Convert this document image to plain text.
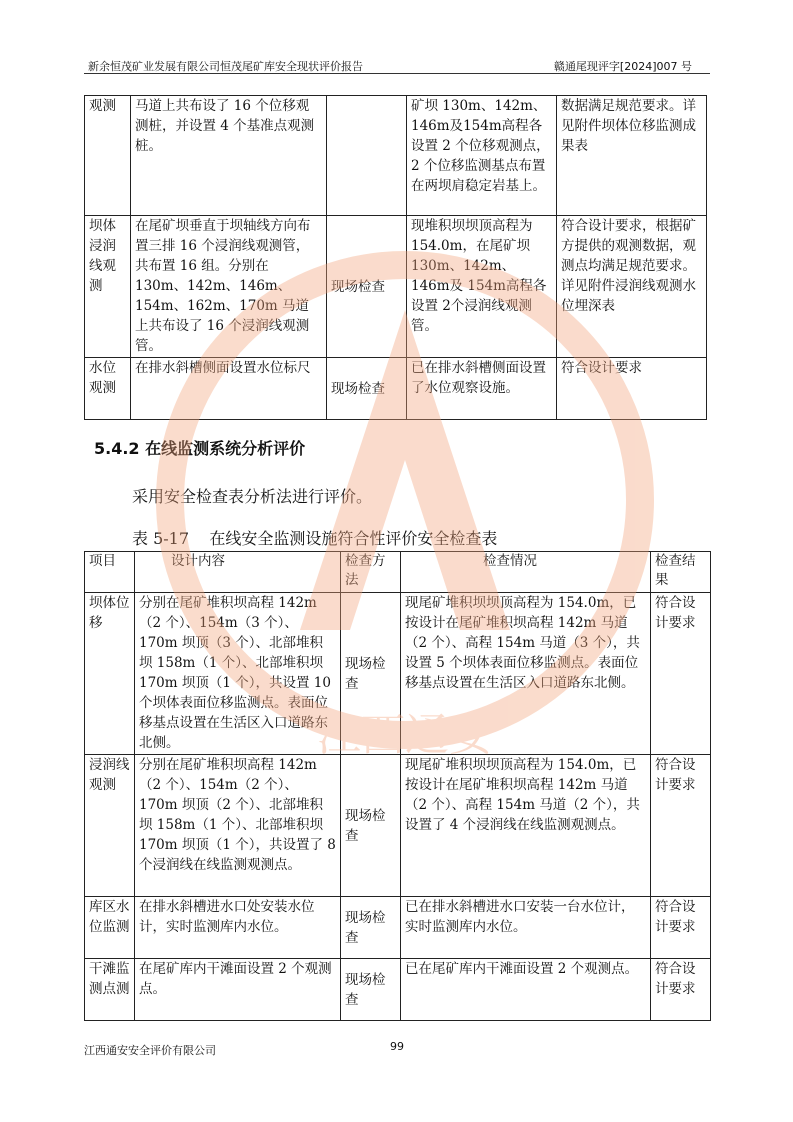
新余恒茂矿业发展有限公司恒茂尾矿库安全现状评价报告	赣通尾现评字[2024]007 号
观测	马道上共布设了 16 个位移观测桩，并设置 4 个基准点观测桩。		矿坝 130m、142m、146m及154m高程各设置 2 个位移观测点，2 个位移监测基点布置在两坝肩稳定岩基上。	数据满足规范要求。详见附件坝体位移监测成果表
坝体浸润线观测	在尾矿坝垂直于坝轴线方向布置三排 16 个浸润线观测管，共布置 16 组。分别在 130m、142m、146m、154m、162m、170m 马道上共布设了 16 个浸润线观测管。	现场检查	现堆积坝坝顶高程为 154.0m，在尾矿坝 130m、142m、146m及 154m高程各设置 2个浸润线观测管。	符合设计要求，根据矿方提供的观测数据，观测点均满足规范要求。详见附件浸润线观测水位埋深表
水位观测	在排水斜槽侧面设置水位标尺	现场检查	已在排水斜槽侧面设置了水位观察设施。	符合设计要求
5.4.2 在线监测系统分析评价
采用安全检查表分析法进行评价。
表 5-17    在线安全监测设施符合性评价安全检查表
项目	设计内容	检查方法	检查情况	检查结果
坝体位移	分别在尾矿堆积坝高程 142m（2 个）、154m（3 个）、170m 坝顶（3 个）、北部堆积坝 158m（1 个）、北部堆积坝 170m 坝顶（1 个），共设置 10 个坝体表面位移监测点。表面位移基点设置在生活区入口道路东北侧。	现场检查	现尾矿堆积坝坝顶高程为 154.0m，已按设计在尾矿堆积坝高程 142m 马道（2 个）、高程 154m 马道（3 个），共设置 5 个坝体表面位移监测点。表面位移基点设置在生活区入口道路东北侧。	符合设计要求
浸润线观测	分别在尾矿堆积坝高程 142m（2 个）、154m（2 个）、170m 坝顶（2 个）、北部堆积坝 158m（1 个）、北部堆积坝 170m 坝顶（1 个），共设置了 8 个浸润线在线监测观测点。	现场检查	现尾矿堆积坝坝顶高程为 154.0m，已按设计在尾矿堆积坝高程 142m 马道（2 个）、高程 154m 马道（2 个），共设置了 4 个浸润线在线监测观测点。	符合设计要求
库区水位监测	在排水斜槽进水口处安装水位计，实时监测库内水位。	现场检查	已在排水斜槽进水口安装一台水位计，实时监测库内水位。	符合设计要求
干滩监测点测	在尾矿库内干滩面设置 2 个观测点。	现场检查	已在尾矿库内干滩面设置 2 个观测点。	符合设计要求
江西通安
江西通安安全评价有限公司	99
